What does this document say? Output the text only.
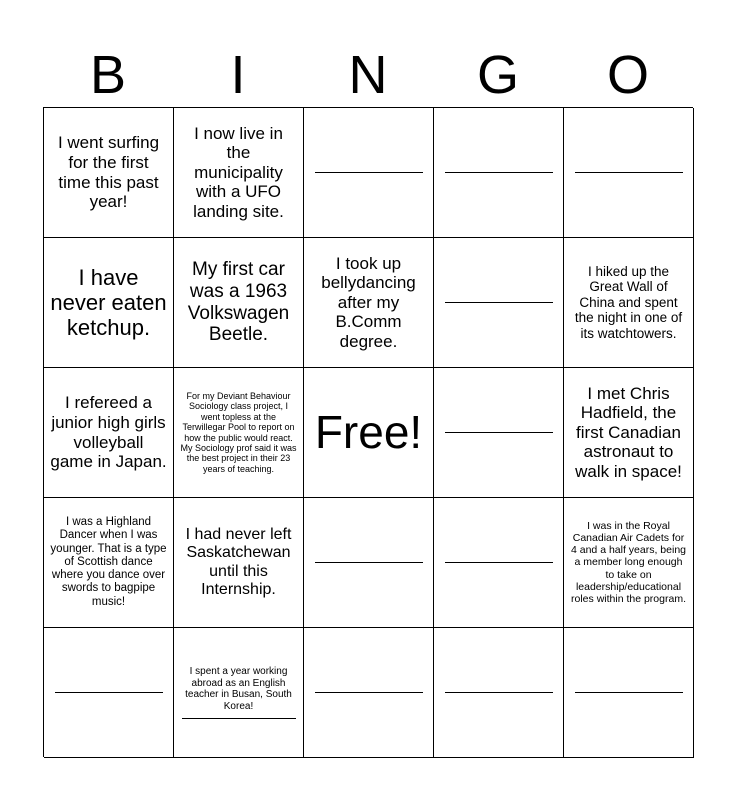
B	I	N	G	O
I went surfing for the first time this past year!
I now live in the municipality with a UFO landing site.
I have never eaten ketchup.
My first car was a 1963 Volkswagen Beetle.
I took up bellydancing after my B.Comm degree.
I hiked up the Great Wall of China and spent the night in one of its watchtowers.
I refereed a junior high girls volleyball game in Japan.
For my Deviant Behaviour Sociology class project, I went topless at the Terwillegar Pool to report on how the public would react. My Sociology prof said it was the best project in their 23 years of teaching.
Free!
I met Chris Hadfield, the first Canadian astronaut to walk in space!
I was a Highland Dancer when I was younger. That is a type of Scottish dance where you dance over swords to bagpipe music!
I had never left Saskatchewan until this Internship.
I was in the Royal Canadian Air Cadets for 4 and a half years, being a member long enough to take on leadership/educational roles within the program.
I spent a year working abroad as an English teacher in Busan, South Korea!
